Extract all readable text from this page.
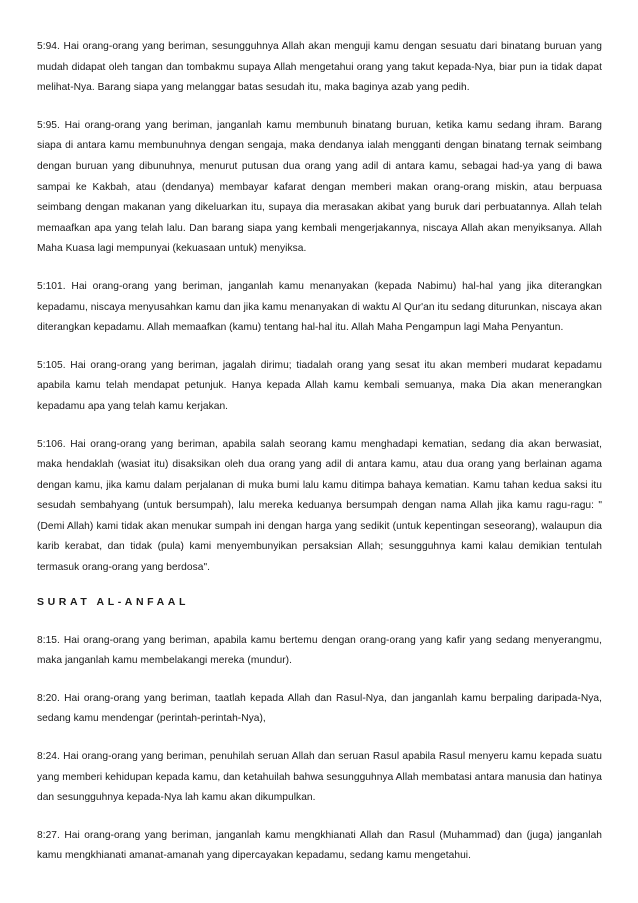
5:94. Hai orang-orang yang beriman, sesungguhnya Allah akan menguji kamu dengan sesuatu dari binatang buruan yang mudah didapat oleh tangan dan tombakmu supaya Allah mengetahui orang yang takut kepada-Nya, biar pun ia tidak dapat melihat-Nya. Barang siapa yang melanggar batas sesudah itu, maka baginya azab yang pedih.

5:95. Hai orang-orang yang beriman, janganlah kamu membunuh binatang buruan, ketika kamu sedang ihram. Barang siapa di antara kamu membunuhnya dengan sengaja, maka dendanya ialah mengganti dengan binatang ternak seimbang dengan buruan yang dibunuhnya, menurut putusan dua orang yang adil di antara kamu, sebagai had-ya yang di bawa sampai ke Kakbah, atau (dendanya) membayar kafarat dengan memberi makan orang-orang miskin, atau berpuasa seimbang dengan makanan yang dikeluarkan itu, supaya dia merasakan akibat yang buruk dari perbuatannya. Allah telah memaafkan apa yang telah lalu. Dan barang siapa yang kembali mengerjakannya, niscaya Allah akan menyiksanya. Allah Maha Kuasa lagi mempunyai (kekuasaan untuk) menyiksa.

5:101. Hai orang-orang yang beriman, janganlah kamu menanyakan (kepada Nabimu) hal-hal yang jika diterangkan kepadamu, niscaya menyusahkan kamu dan jika kamu menanyakan di waktu Al Qur'an itu sedang diturunkan, niscaya akan diterangkan kepadamu. Allah memaafkan (kamu) tentang hal-hal itu. Allah Maha Pengampun lagi Maha Penyantun.

5:105. Hai orang-orang yang beriman, jagalah dirimu; tiadalah orang yang sesat itu akan memberi mudarat kepadamu apabila kamu telah mendapat petunjuk. Hanya kepada Allah kamu kembali semuanya, maka Dia akan menerangkan kepadamu apa yang telah kamu kerjakan.

5:106. Hai orang-orang yang beriman, apabila salah seorang kamu menghadapi kematian, sedang dia akan berwasiat, maka hendaklah (wasiat itu) disaksikan oleh dua orang yang adil di antara kamu, atau dua orang yang berlainan agama dengan kamu, jika kamu dalam perjalanan di muka bumi lalu kamu ditimpa bahaya kematian. Kamu tahan kedua saksi itu sesudah sembahyang (untuk bersumpah), lalu mereka keduanya bersumpah dengan nama Allah jika kamu ragu-ragu: "(Demi Allah) kami tidak akan menukar sumpah ini dengan harga yang sedikit (untuk kepentingan seseorang), walaupun dia karib kerabat, dan tidak (pula) kami menyembunyikan persaksian Allah; sesungguhnya kami kalau demikian tentulah termasuk orang-orang yang berdosa".

SURAT AL-ANFAAL

8:15. Hai orang-orang yang beriman, apabila kamu bertemu dengan orang-orang yang kafir yang sedang menyerangmu, maka janganlah kamu membelakangi mereka (mundur).

8:20. Hai orang-orang yang beriman, taatlah kepada Allah dan Rasul-Nya, dan janganlah kamu berpaling daripada-Nya, sedang kamu mendengar (perintah-perintah-Nya),

8:24. Hai orang-orang yang beriman, penuhilah seruan Allah dan seruan Rasul apabila Rasul menyeru kamu kepada suatu yang memberi kehidupan kepada kamu, dan ketahuilah bahwa sesungguhnya Allah membatasi antara manusia dan hatinya dan sesungguhnya kepada-Nya lah kamu akan dikumpulkan.

8:27. Hai orang-orang yang beriman, janganlah kamu mengkhianati Allah dan Rasul (Muhammad) dan (juga) janganlah kamu mengkhianati amanat-amanah yang dipercayakan kepadamu, sedang kamu mengetahui.
